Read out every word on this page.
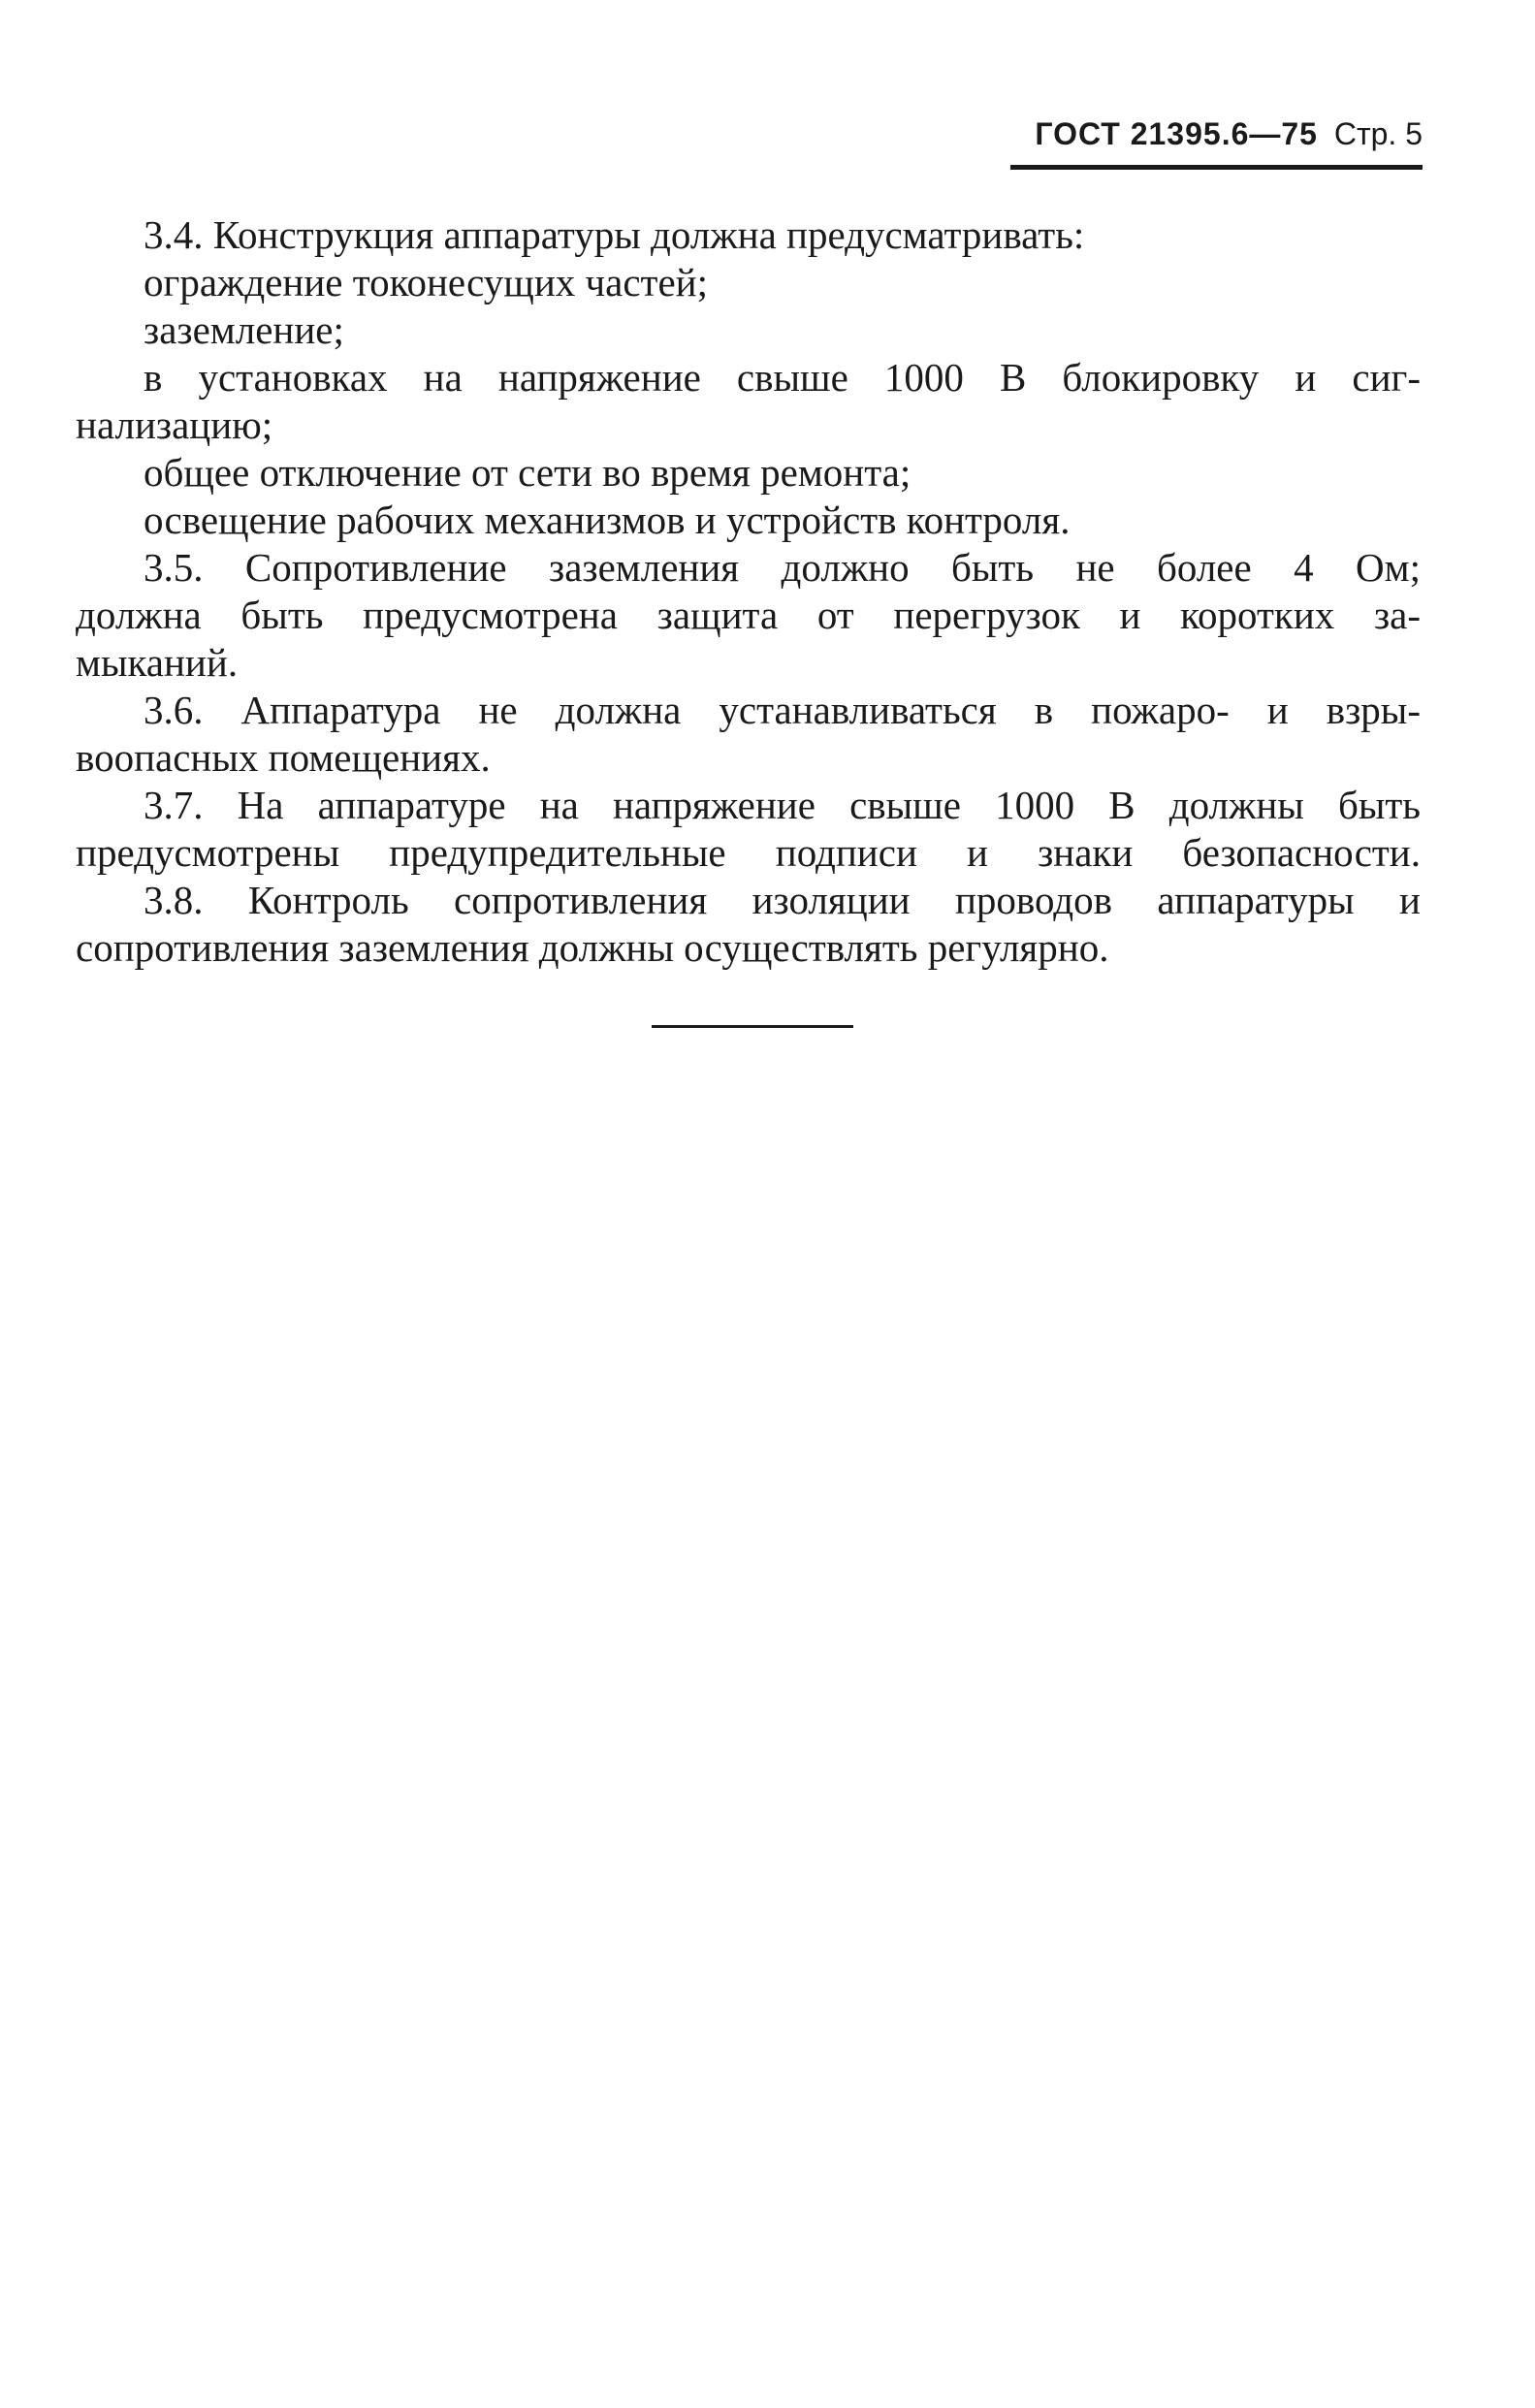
ГОСТ 21395.6—75 Стр. 5

3.4. Конструкция аппаратуры должна предусматривать:

ограждение токонесущих частей;

заземление;

в установках на напряжение свыше 1000 В блокировку и сиг-

нализацию;

общее отключение от сети во время ремонта;

освещение рабочих механизмов и устройств контроля.

3.5. Сопротивление заземления должно быть не более 4 Ом;

должна быть предусмотрена защита от перегрузок и коротких за-

мыканий.

3.6. Аппаратура не должна устанавливаться в пожаро- и взры-

воопасных помещениях.

3.7. На аппаратуре на напряжение свыше 1000 В должны быть

предусмотрены предупредительные подписи и знаки безопасности.

3.8. Контроль сопротивления изоляции проводов аппаратуры и

сопротивления заземления должны осуществлять регулярно.
